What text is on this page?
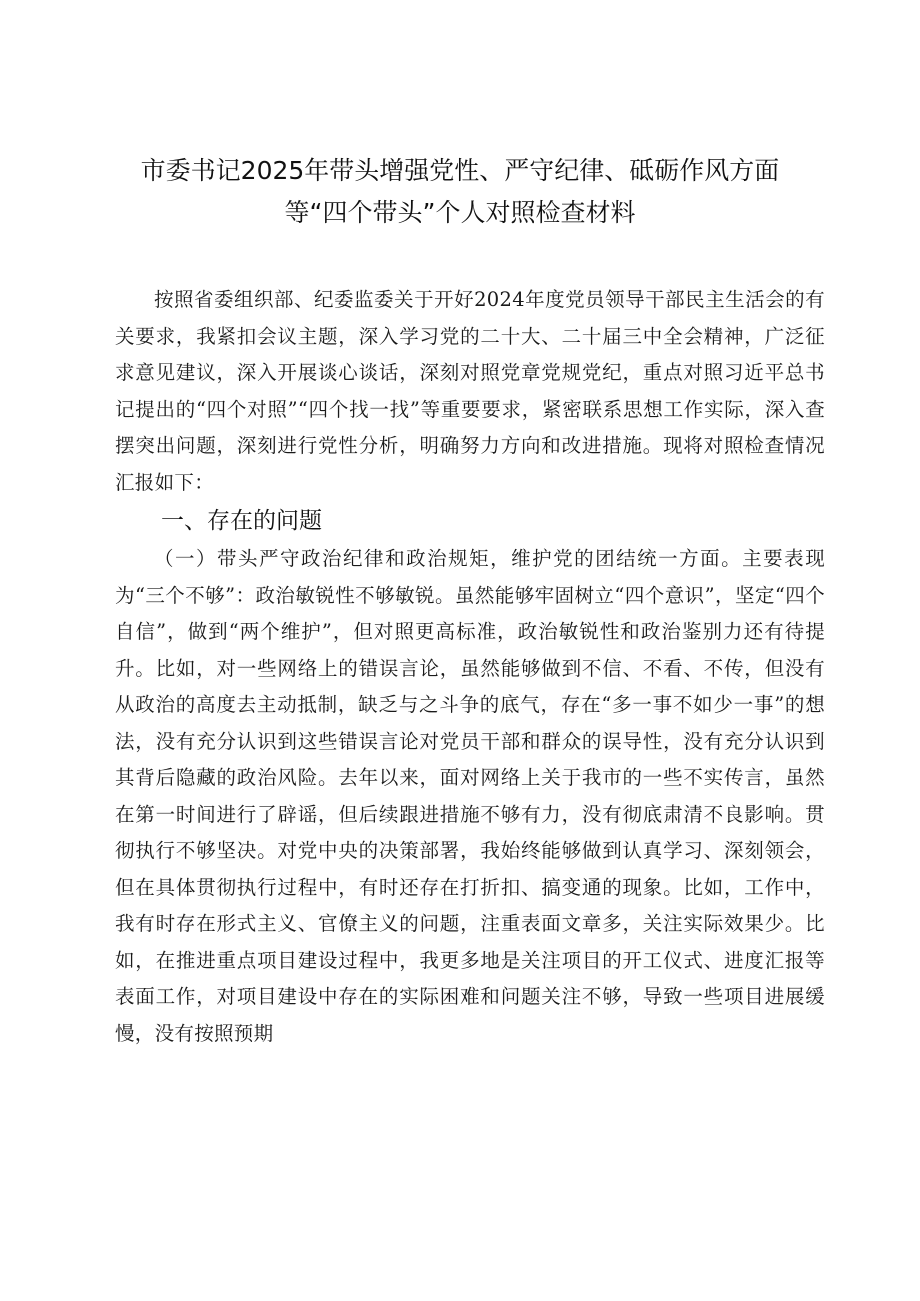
市委书记2025年带头增强党性、严守纪律、砥砺作风方面等“四个带头”个人对照检查材料

按照省委组织部、纪委监委关于开好2024年度党员领导干部民主生活会的有关要求，我紧扣会议主题，深入学习党的二十大、二十届三中全会精神，广泛征求意见建议，深入开展谈心谈话，深刻对照党章党规党纪，重点对照习近平总书记提出的“四个对照”“四个找一找”等重要要求，紧密联系思想工作实际，深入查摆突出问题，深刻进行党性分析，明确努力方向和改进措施。现将对照检查情况汇报如下：

一、存在的问题

（一）带头严守政治纪律和政治规矩，维护党的团结统一方面。主要表现为“三个不够”：政治敏锐性不够敏锐。虽然能够牢固树立“四个意识”，坚定“四个自信”，做到“两个维护”，但对照更高标准，政治敏锐性和政治鉴别力还有待提升。比如，对一些网络上的错误言论，虽然能够做到不信、不看、不传，但没有从政治的高度去主动抵制，缺乏与之斗争的底气，存在“多一事不如少一事”的想法，没有充分认识到这些错误言论对党员干部和群众的误导性，没有充分认识到其背后隐藏的政治风险。去年以来，面对网络上关于我市的一些不实传言，虽然在第一时间进行了辟谣，但后续跟进措施不够有力，没有彻底肃清不良影响。贯彻执行不够坚决。对党中央的决策部署，我始终能够做到认真学习、深刻领会，但在具体贯彻执行过程中，有时还存在打折扣、搞变通的现象。比如，工作中，我有时存在形式主义、官僚主义的问题，注重表面文章多，关注实际效果少。比如，在推进重点项目建设过程中，我更多地是关注项目的开工仪式、进度汇报等表面工作，对项目建设中存在的实际困难和问题关注不够，导致一些项目进展缓慢，没有按照预期
